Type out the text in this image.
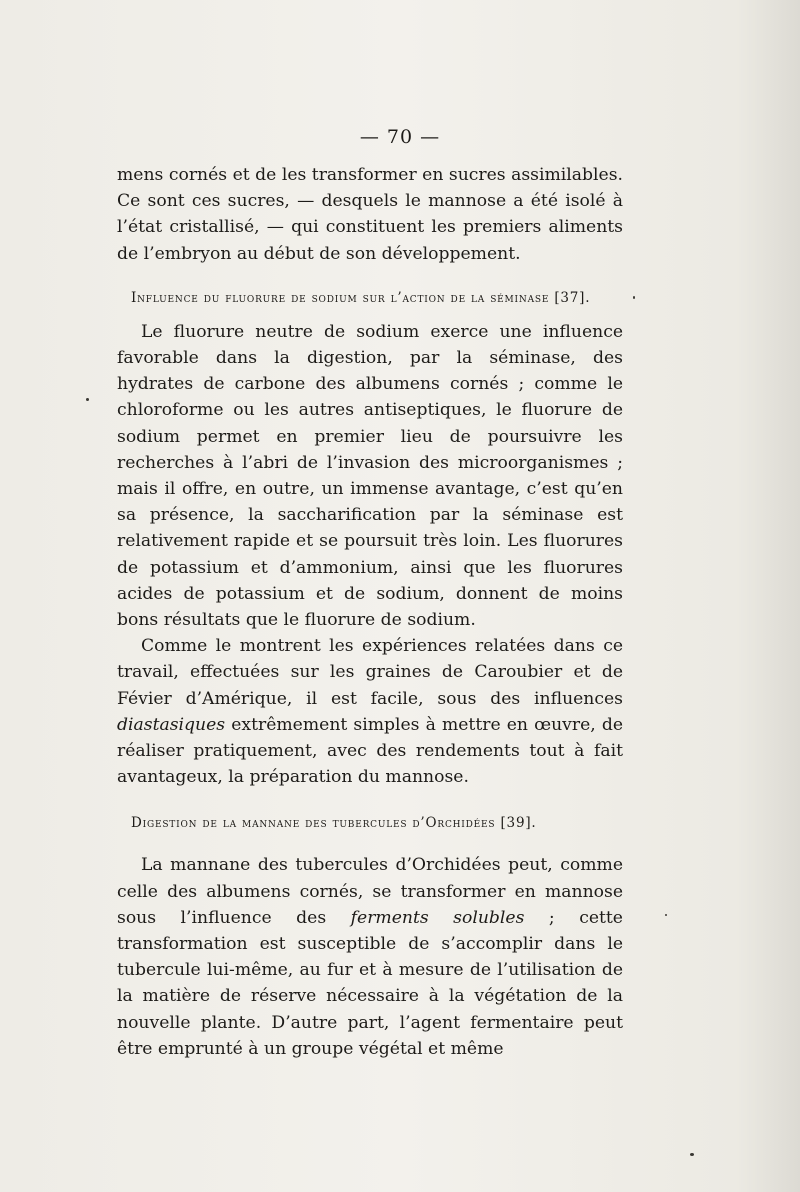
— 70 —

mens cornés et de les transformer en sucres assimilables. Ce sont ces sucres, — desquels le mannose a été isolé à l’état cristallisé, — qui constituent les premiers aliments de l’embryon au début de son développement.

Influence du fluorure de sodium sur l’action de la séminase [37].

Le fluorure neutre de sodium exerce une influence favorable dans la digestion, par la séminase, des hydrates de carbone des albumens cornés ; comme le chloroforme ou les autres antiseptiques, le fluorure de sodium permet en premier lieu de poursuivre les recherches à l’abri de l’invasion des microorganismes ; mais il offre, en outre, un immense avantage, c’est qu’en sa présence, la saccharification par la séminase est relativement rapide et se poursuit très loin. Les fluorures de potassium et d’ammonium, ainsi que les fluorures acides de potassium et de sodium, donnent de moins bons résultats que le fluorure de sodium.

Comme le montrent les expériences relatées dans ce travail, effectuées sur les graines de Caroubier et de Févier d’Amérique, il est facile, sous des influences diastasiques extrêmement simples à mettre en œuvre, de réaliser pratiquement, avec des rendements tout à fait avantageux, la préparation du mannose.

Digestion de la mannane des tubercules d’Orchidées [39].

La mannane des tubercules d’Orchidées peut, comme celle des albumens cornés, se transformer en mannose sous l’influence des ferments solubles ; cette transformation est susceptible de s’accomplir dans le tubercule lui-même, au fur et à mesure de l’utilisation de la matière de réserve nécessaire à la végétation de la nouvelle plante. D’autre part, l’agent fermentaire peut être emprunté à un groupe végétal et même
